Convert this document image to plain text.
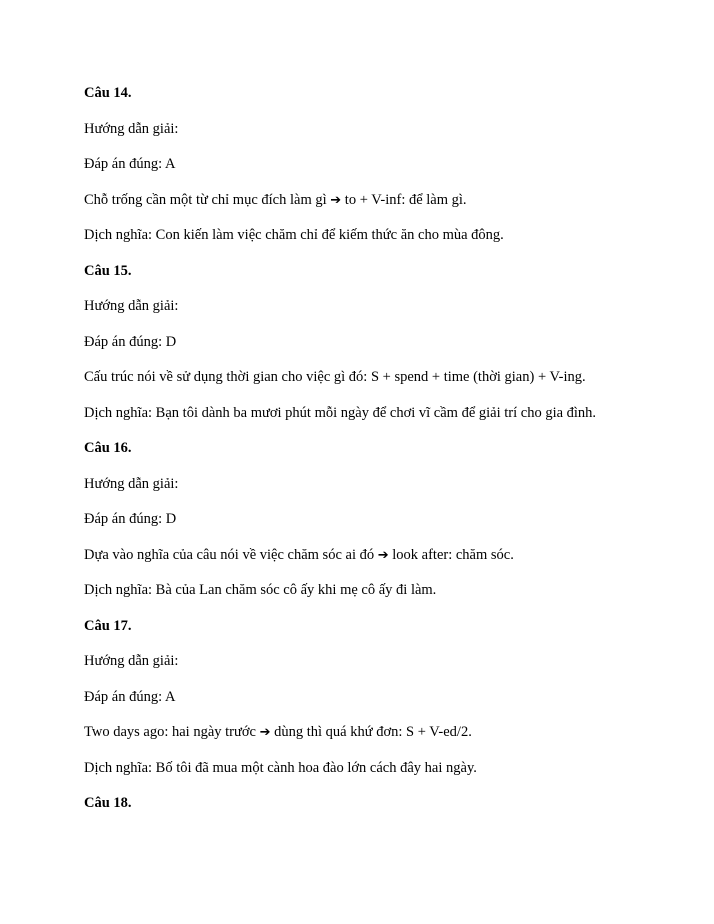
Câu 14.
Hướng dẫn giải:
Đáp án đúng: A
Chỗ trống cần một từ chỉ mục đích làm gì ➔ to + V-inf: để làm gì.
Dịch nghĩa: Con kiến làm việc chăm chỉ để kiếm thức ăn cho mùa đông.
Câu 15.
Hướng dẫn giải:
Đáp án đúng: D
Cấu trúc nói về sử dụng thời gian cho việc gì đó: S + spend + time (thời gian) + V-ing.
Dịch nghĩa: Bạn tôi dành ba mươi phút mỗi ngày để chơi vĩ cầm để giải trí cho gia đình.
Câu 16.
Hướng dẫn giải:
Đáp án đúng: D
Dựa vào nghĩa của câu nói về việc chăm sóc ai đó ➔ look after: chăm sóc.
Dịch nghĩa: Bà của Lan chăm sóc cô ấy khi mẹ cô ấy đi làm.
Câu 17.
Hướng dẫn giải:
Đáp án đúng: A
Two days ago: hai ngày trước ➔ dùng thì quá khứ đơn: S + V-ed/2.
Dịch nghĩa: Bố tôi đã mua một cành hoa đào lớn cách đây hai ngày.
Câu 18.
